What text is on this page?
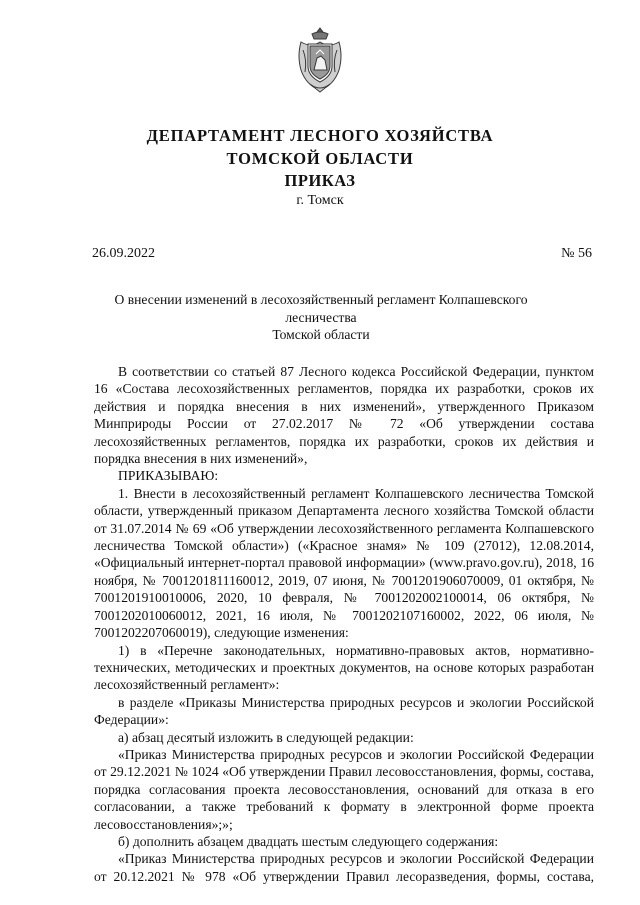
ДЕПАРТАМЕНТ ЛЕСНОГО ХОЗЯЙСТВА
ТОМСКОЙ ОБЛАСТИ
ПРИКАЗ
г. Томск
26.09.2022	№ 56
О внесении изменений в лесохозяйственный регламент Колпашевского лесничества
Томской области

В соответствии со статьей 87 Лесного кодекса Российской Федерации, пунктом 16 «Состава лесохозяйственных регламентов, порядка их разработки, сроков их действия и порядка внесения в них изменений», утвержденного Приказом Минприроды России от 27.02.2017 № 72 «Об утверждении состава лесохозяйственных регламентов, порядка их разработки, сроков их действия и порядка внесения в них изменений»,

ПРИКАЗЫВАЮ:

1. Внести в лесохозяйственный регламент Колпашевского лесничества Томской области, утвержденный приказом Департамента лесного хозяйства Томской области от 31.07.2014 № 69 «Об утверждении лесохозяйственного регламента Колпашевского лесничества Томской области») («Красное знамя» № 109 (27012), 12.08.2014, «Официальный интернет-портал правовой информации» (www.pravo.gov.ru), 2018, 16 ноября, № 7001201811160012, 2019, 07 июня, № 7001201906070009, 01 октября, № 7001201910010006, 2020, 10 февраля, № 7001202002100014, 06 октября, № 7001202010060012, 2021, 16 июля, № 7001202107160002, 2022, 06 июля, № 7001202207060019), следующие изменения:

1) в «Перечне законодательных, нормативно-правовых актов, нормативно-технических, методических и проектных документов, на основе которых разработан лесохозяйственный регламент»:

в разделе «Приказы Министерства природных ресурсов и экологии Российской Федерации»:

а) абзац десятый изложить в следующей редакции:

«Приказ Министерства природных ресурсов и экологии Российской Федерации от 29.12.2021 № 1024 «Об утверждении Правил лесовосстановления, формы, состава, порядка согласования проекта лесовосстановления, оснований для отказа в его согласовании, а также требований к формату в электронной форме проекта лесовосстановления»;»;

б) дополнить абзацем двадцать шестым следующего содержания:

«Приказ Министерства природных ресурсов и экологии Российской Федерации от 20.12.2021 № 978 «Об утверждении Правил лесоразведения, формы, состава,
